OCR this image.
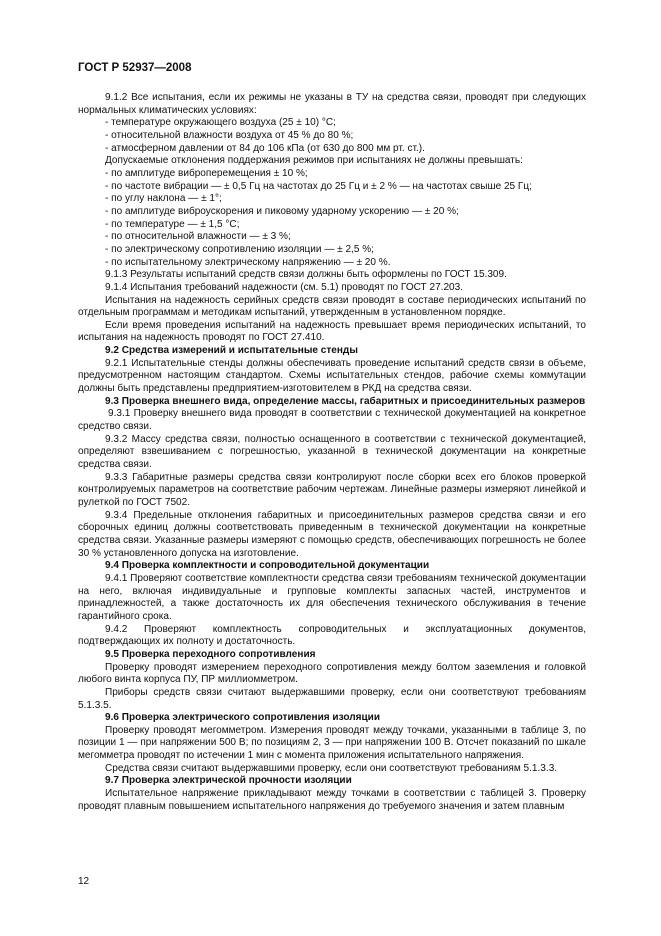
ГОСТ Р 52937—2008

9.1.2 Все испытания, если их режимы не указаны в ТУ на средства связи, проводят при следующих нормальных климатических условиях:

- температуре окружающего воздуха (25 ± 10) °С;

- относительной влажности воздуха от 45 % до 80 %;

- атмосферном давлении от 84 до 106 кПа (от 630 до 800 мм рт. ст.).

Допускаемые отклонения поддержания режимов при испытаниях не должны превышать:

- по амплитуде виброперемещения ± 10 %;

- по частоте вибрации — ± 0,5 Гц на частотах до 25 Гц и ± 2 % — на частотах свыше 25 Гц;

- по углу наклона — ± 1°;

- по амплитуде виброускорения и пиковому ударному ускорению — ± 20 %;

- по температуре — ± 1,5 °С;

- по относительной влажности — ± 3 %;

- по электрическому сопротивлению изоляции — ± 2,5 %;

- по испытательному электрическому напряжению — ± 20 %.

9.1.3 Результаты испытаний средств связи должны быть оформлены по ГОСТ 15.309.

9.1.4 Испытания требований надежности (см. 5.1) проводят по ГОСТ 27.203.

Испытания на надежность серийных средств связи проводят в составе периодических испытаний по отдельным программам и методикам испытаний, утвержденным в установленном порядке.

Если время проведения испытаний на надежность превышает время периодических испытаний, то испытания на надежность проводят по ГОСТ 27.410.

9.2 Средства измерений и испытательные стенды

9.2.1 Испытательные стенды должны обеспечивать проведение испытаний средств связи в объеме, предусмотренном настоящим стандартом. Схемы испытательных стендов, рабочие схемы коммутации должны быть представлены предприятием-изготовителем в РКД на средства связи.

9.3 Проверка внешнего вида, определение массы, габаритных и присоединительных размеров

9.3.1 Проверку внешнего вида проводят в соответствии с технической документацией на конкретное средство связи.

9.3.2 Массу средства связи, полностью оснащенного в соответствии с технической документацией, определяют взвешиванием с погрешностью, указанной в технической документации на конкретные средства связи.

9.3.3 Габаритные размеры средства связи контролируют после сборки всех его блоков проверкой контролируемых параметров на соответствие рабочим чертежам. Линейные размеры измеряют линейкой и рулеткой по ГОСТ 7502.

9.3.4 Предельные отклонения габаритных и присоединительных размеров средства связи и его сборочных единиц должны соответствовать приведенным в технической документации на конкретные средства связи. Указанные размеры измеряют с помощью средств, обеспечивающих погрешность не более 30 % установленного допуска на изготовление.

9.4 Проверка комплектности и сопроводительной документации

9.4.1 Проверяют соответствие комплектности средства связи требованиям технической документации на него, включая индивидуальные и групповые комплекты запасных частей, инструментов и принадлежностей, а также достаточность их для обеспечения технического обслуживания в течение гарантийного срока.

9.4.2 Проверяют комплектность сопроводительных и эксплуатационных документов, подтверждающих их полноту и достаточность.

9.5 Проверка переходного сопротивления

Проверку проводят измерением переходного сопротивления между болтом заземления и головкой любого винта корпуса ПУ, ПР миллиомметром.

Приборы средств связи считают выдержавшими проверку, если они соответствуют требованиям 5.1.3.5.

9.6 Проверка электрического сопротивления изоляции

Проверку проводят мегомметром. Измерения проводят между точками, указанными в таблице 3, по позиции 1 — при напряжении 500 В; по позициям 2, 3 — при напряжении 100 В. Отсчет показаний по шкале мегомметра проводят по истечении 1 мин с момента приложения испытательного напряжения.

Средства связи считают выдержавшими проверку, если они соответствуют требованиям 5.1.3.3.

9.7 Проверка электрической прочности изоляции

Испытательное напряжение прикладывают между точками в соответствии с таблицей 3. Проверку проводят плавным повышением испытательного напряжения до требуемого значения и затем плавным

12
